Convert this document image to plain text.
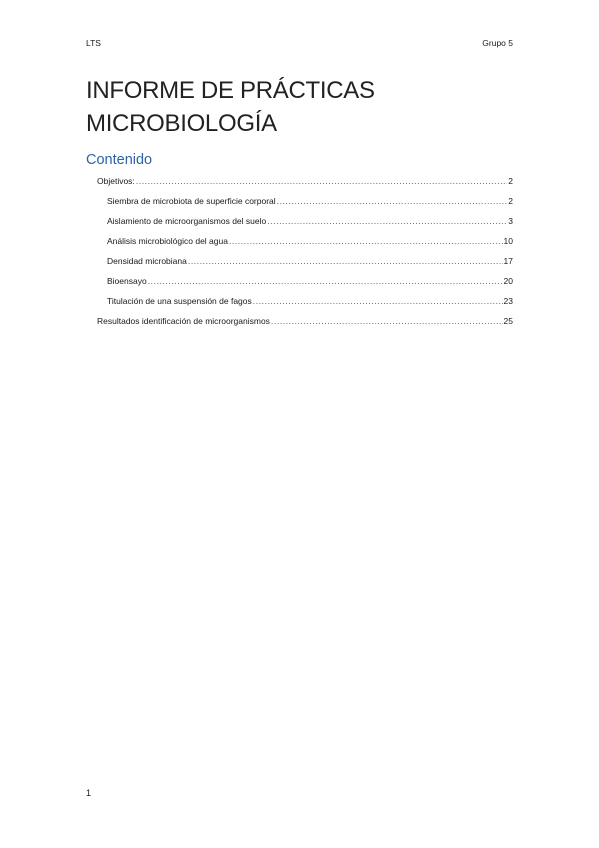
LTS	Grupo 5
INFORME DE PRÁCTICAS
MICROBIOLOGÍA
Contenido
Objetivos: .....	2
Siembra de microbiota de superficie corporal .....	2
Aislamiento de microorganismos del suelo .....	3
Análisis microbiológico del agua .....	10
Densidad microbiana .....	17
Bioensayo .....	20
Titulación de una suspensión de fagos .....	23
Resultados identificación de microorganismos .....	25
1
